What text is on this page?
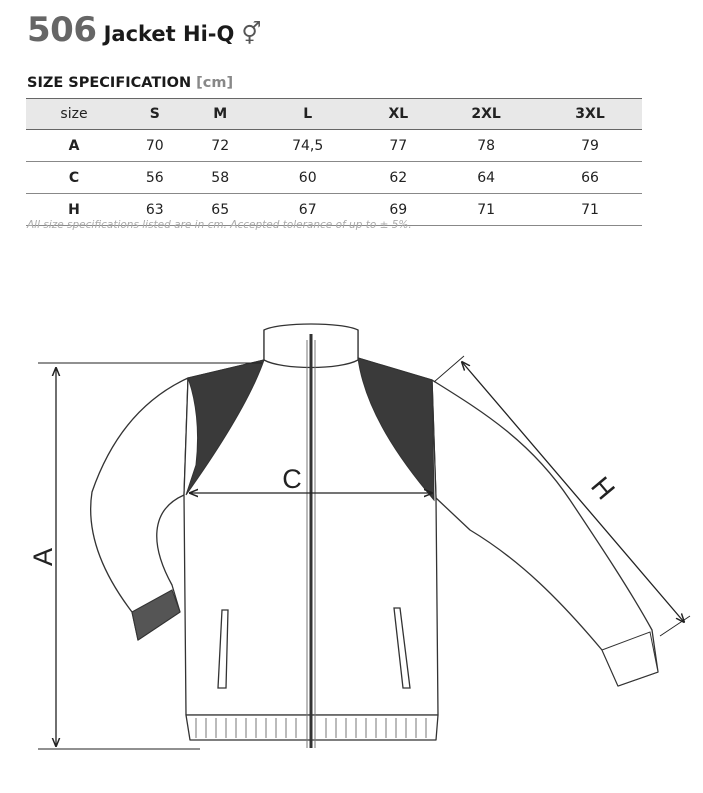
506 Jacket Hi-Q ⚥
SIZE SPECIFICATION [cm]
size	S	M	L	XL	2XL	3XL
A	70	72	74,5	77	78	79
C	56	58	60	62	64	66
H	63	65	67	69	71	71
All size specifications listed are in cm. Accepted tolerance of up to ± 5%.
A
C	H
